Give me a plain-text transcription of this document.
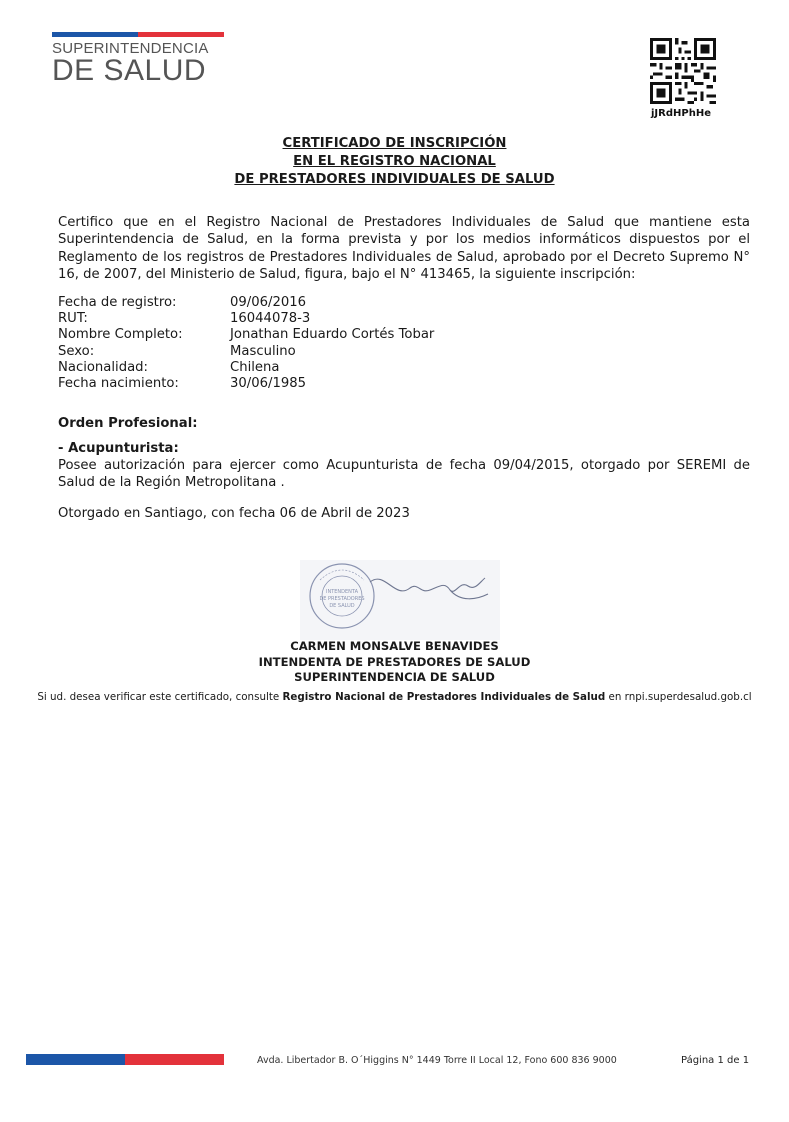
SUPERINTENDENCIA
DE SALUD
jJRdHPhHe
CERTIFICADO DE INSCRIPCIÓN
EN EL REGISTRO NACIONAL
DE PRESTADORES INDIVIDUALES DE SALUD
Certifico que en el Registro Nacional de Prestadores Individuales de Salud que mantiene esta Superintendencia de Salud, en la forma prevista y por los medios informáticos dispuestos por el Reglamento de los registros de Prestadores Individuales de Salud, aprobado por el Decreto Supremo N° 16, de 2007, del Ministerio de Salud, figura, bajo el N° 413465, la siguiente inscripción:
Fecha de registro:	09/06/2016
RUT:	16044078-3
Nombre Completo:	Jonathan Eduardo Cortés Tobar
Sexo:	Masculino
Nacionalidad:	Chilena
Fecha nacimiento:	30/06/1985
Orden Profesional:
- Acupunturista:
Posee autorización para ejercer como Acupunturista de fecha 09/04/2015, otorgado por SEREMI de Salud de la Región Metropolitana .
Otorgado en Santiago, con fecha 06 de Abril de 2023
INTENDENTA
DE PRESTADORES
DE SALUD
CARMEN MONSALVE BENAVIDES
INTENDENTA DE PRESTADORES DE SALUD
SUPERINTENDENCIA DE SALUD
Si ud. desea verificar este certificado, consulte Registro Nacional de Prestadores Individuales de Salud en rnpi.superdesalud.gob.cl
Avda. Libertador B. O´Higgins N° 1449 Torre II Local 12, Fono 600 836 9000	Página 1 de 1
